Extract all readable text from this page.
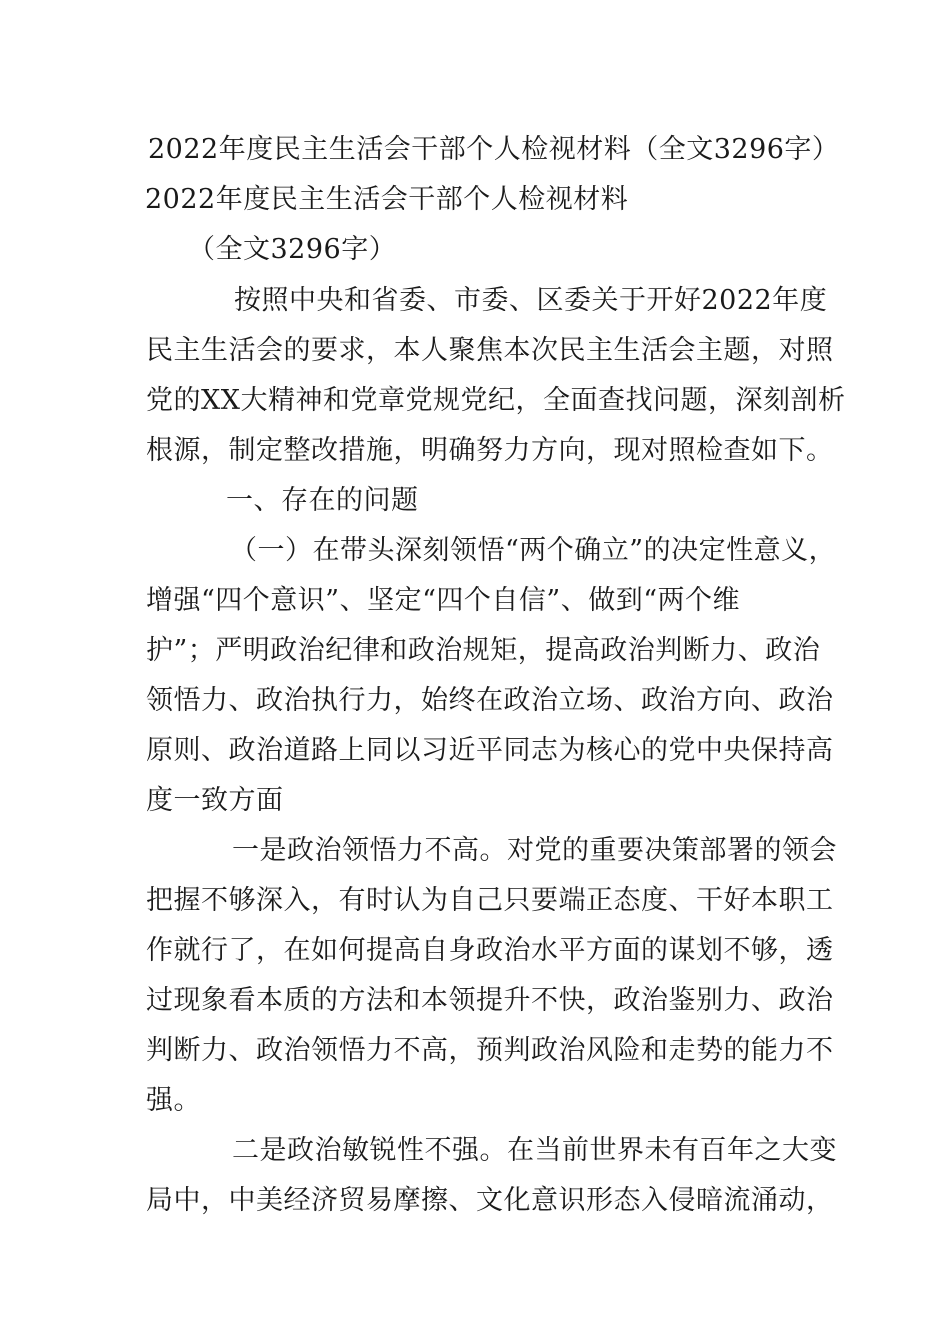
2022年度民主生活会干部个人检视材料（全文3296字）
2022年度民主生活会干部个人检视材料
（全文3296字）
按照中央和省委、市委、区委关于开好2022年度
民主生活会的要求，本人聚焦本次民主生活会主题，对照
党的XX大精神和党章党规党纪，全面查找问题，深刻剖析
根源，制定整改措施，明确努力方向，现对照检查如下。
一、存在的问题
（一）在带头深刻领悟“两个确立”的决定性意义，
增强“四个意识”、坚定“四个自信”、做到“两个维
护”；严明政治纪律和政治规矩，提高政治判断力、政治
领悟力、政治执行力，始终在政治立场、政治方向、政治
原则、政治道路上同以习近平同志为核心的党中央保持高
度一致方面
一是政治领悟力不高。对党的重要决策部署的领会
把握不够深入，有时认为自己只要端正态度、干好本职工
作就行了，在如何提高自身政治水平方面的谋划不够，透
过现象看本质的方法和本领提升不快，政治鉴别力、政治
判断力、政治领悟力不高，预判政治风险和走势的能力不
强。
二是政治敏锐性不强。在当前世界未有百年之大变
局中，中美经济贸易摩擦、文化意识形态入侵暗流涌动，
